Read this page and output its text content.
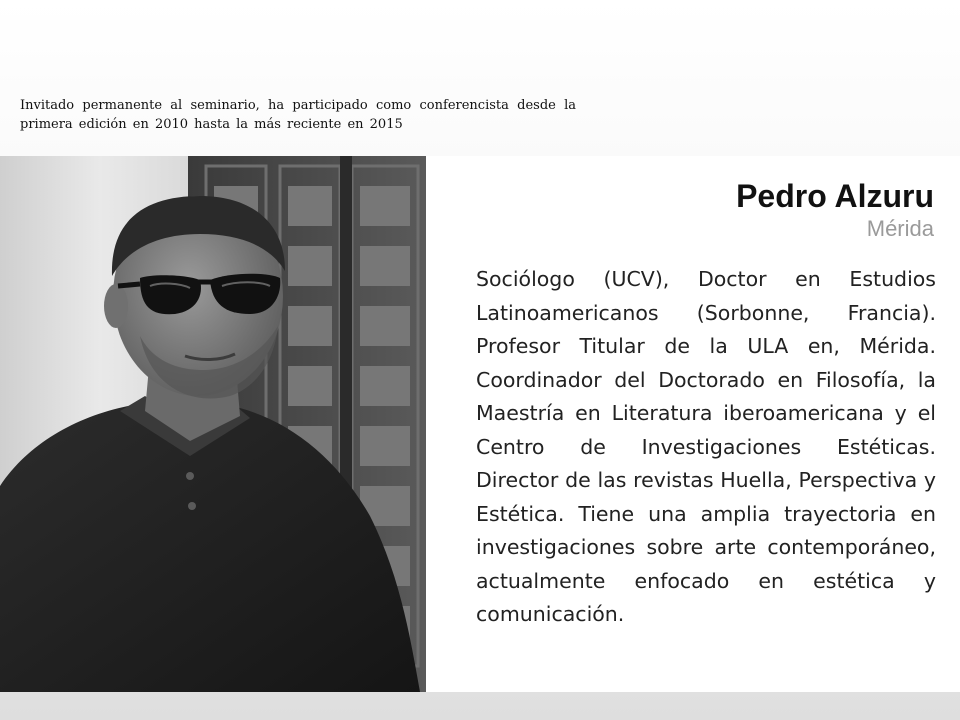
Invitado permanente al seminario, ha participado como conferencista desde la primera edición en 2010 hasta la más reciente en 2015

Pedro Alzuru
Mérida

Sociólogo (UCV), Doctor en Estudios Latinoamericanos (Sorbonne, Francia). Profesor Titular de la ULA en, Mérida. Coordinador del Doctorado en Filosofía, la Maestría en Literatura iberoamericana y el Centro de Investigaciones Estéticas. Director de las revistas Huella, Perspectiva y Estética. Tiene una amplia trayectoria en investigaciones sobre arte contemporáneo, actualmente enfocado en estética y comunicación.
